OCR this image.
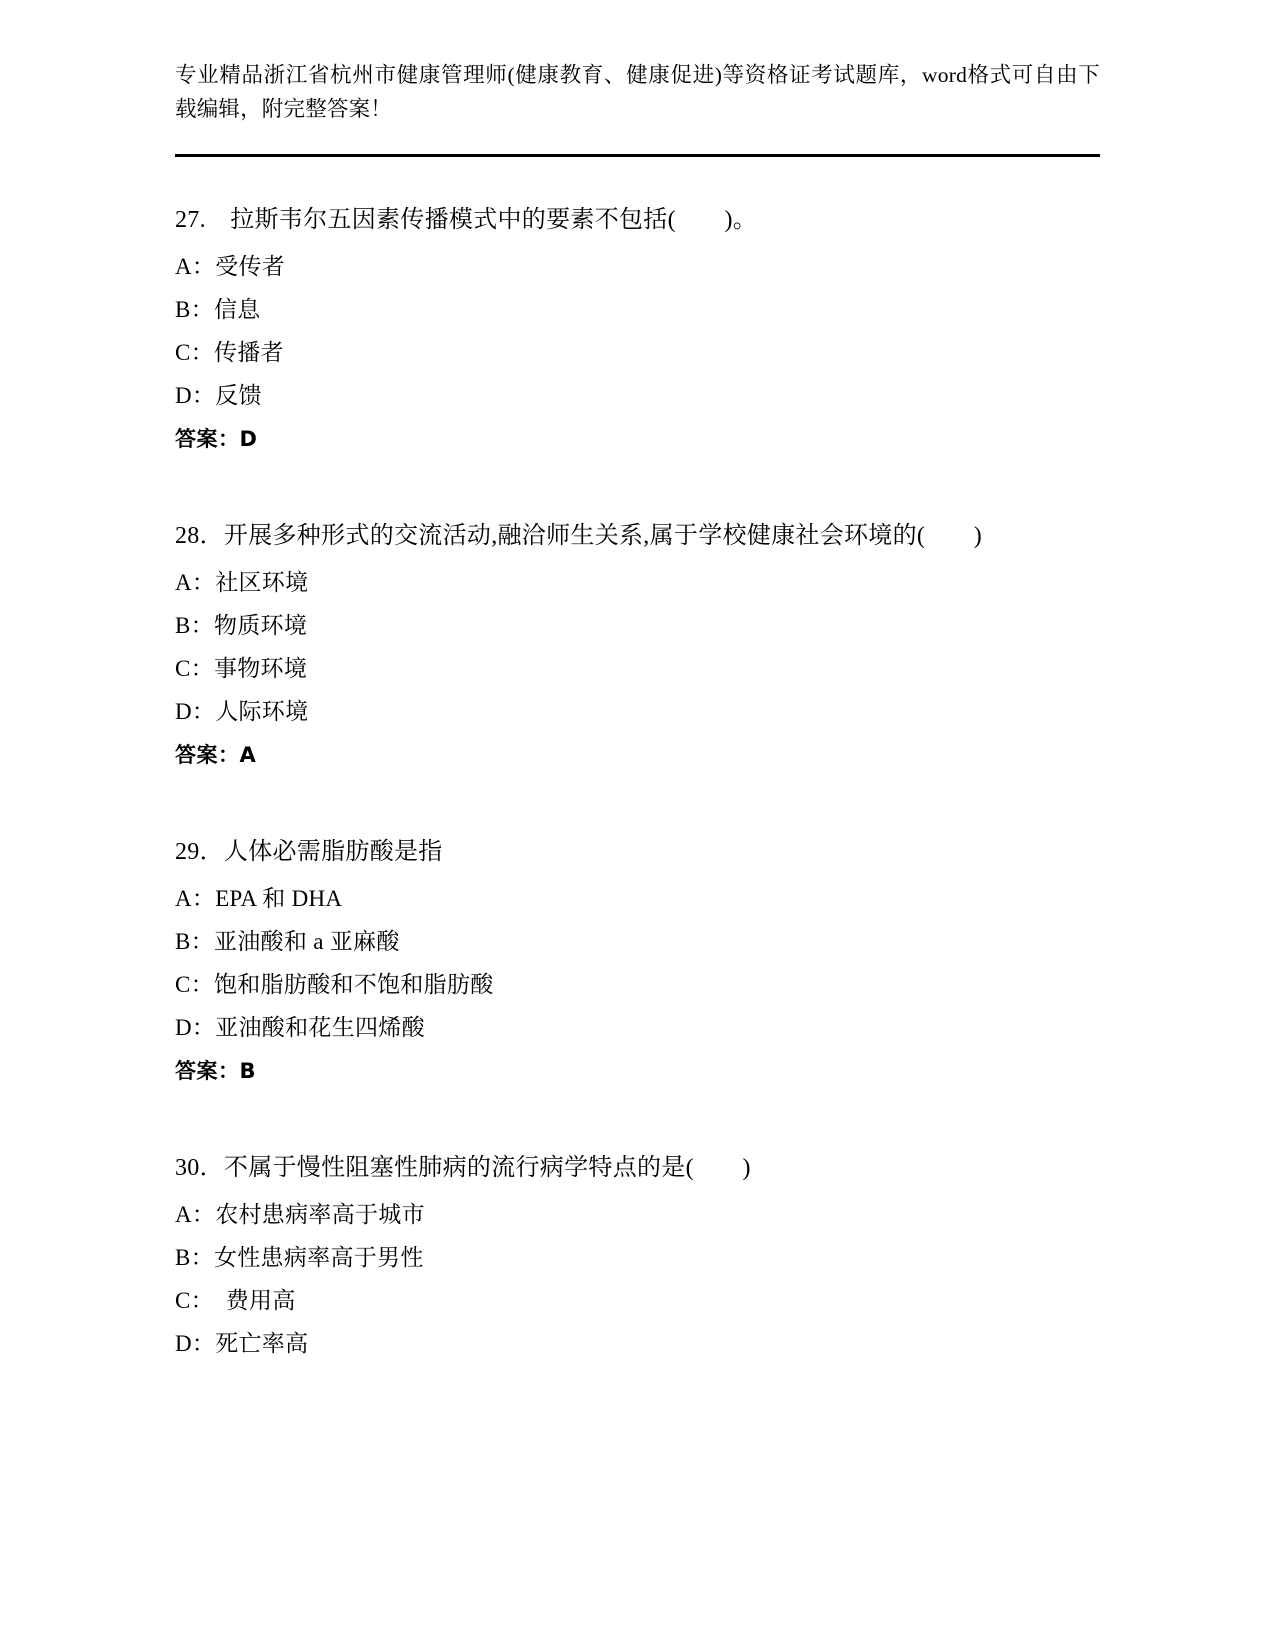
专业精品浙江省杭州市健康管理师(健康教育、健康促进)等资格证考试题库，word格式可自由下载编辑，附完整答案！
27.　拉斯韦尔五因素传播模式中的要素不包括(　　)。
A：受传者
B：信息
C：传播者
D：反馈
答案：D
28．开展多种形式的交流活动,融洽师生关系,属于学校健康社会环境的(　　)
A：社区环境
B：物质环境
C：事物环境
D：人际环境
答案：A
29．人体必需脂肪酸是指
A：EPA 和 DHA
B：亚油酸和 a 亚麻酸
C：饱和脂肪酸和不饱和脂肪酸
D：亚油酸和花生四烯酸
答案：B
30．不属于慢性阻塞性肺病的流行病学特点的是(　　)
A：农村患病率高于城市
B：女性患病率高于男性
C：　费用高
D：死亡率高
